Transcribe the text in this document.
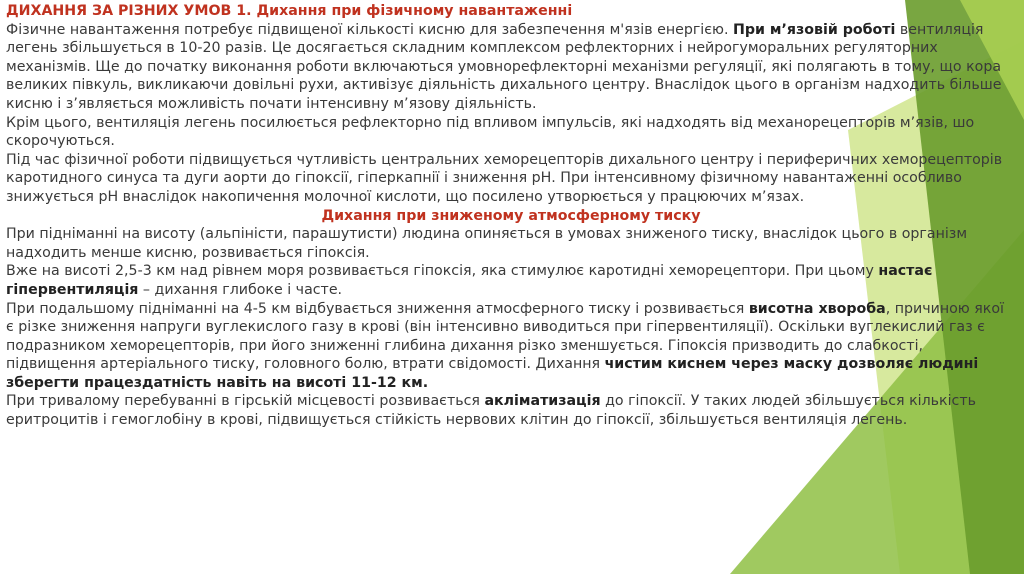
ДИХАННЯ ЗА РІЗНИХ УМОВ 1. Дихання при фізичному навантаженні

Фізичне навантаження потребує підвищеної кількості кисню для забезпечення м'язів енергією. При м’язовій роботі вентиляція легень збільшується в 10-20 разів. Це досягається складним комплексом рефлекторних і нейрогуморальних регуляторних механізмів. Ще до початку виконання роботи включаються умовнорефлекторні механізми регуляції, які полягають в тому, що кора великих півкуль, викликаючи довільні рухи, активізує діяльність дихального центру. Внаслідок цього в організм надходить більше кисню і з’являється можливість почати інтенсивну м’язову діяльність.

Крім цього, вентиляція легень посилюється рефлекторно під впливом імпульсів, які надходять від механорецепторів м’язів, шо скорочуються.

Під час фізичної роботи підвищується чутливість центральних хеморецепторів дихального центру і периферичних хеморецепторів каротидного синуса та дуги аорти до гіпоксії, гіперкапнії і зниження рН. При інтенсивному фізичному навантаженні особливо знижується рН внаслідок накопичення молочної кислоти, що посилено утворюється у працюючих м’язах.

Дихання при зниженому атмосферному тиску

При підніманні на висоту (альпіністи, парашутисти) людина опиняється в умовах зниженого тиску, внаслідок цього в організм надходить менше кисню, розвивається гіпоксія.

Вже на висоті 2,5-3 км над рівнем моря розвивається гіпоксія, яка стимулює каротидні хеморецептори. При цьому настає гіпервентиляція – дихання глибоке і часте.

При подальшому підніманні на 4-5 км відбувається зниження атмосферного тиску і розвивається висотна хвороба, причиною якої є різке зниження напруги вуглекислого газу в крові (він інтенсивно виводиться при гіпервентиляції). Оскільки вуглекислий газ є подразником хеморецепторів, при його зниженні глибина дихання різко зменшується. Гіпоксія призводить до слабкості, підвищення артеріального тиску, головного болю, втрати свідомості. Дихання чистим киснем через маску дозволяє людині зберегти працездатність навіть на висоті 11-12 км.

При тривалому перебуванні в гірській місцевості розвивається акліматизація до гіпоксії. У таких людей збільшується кількість еритроцитів і гемоглобіну в крові, підвищується стійкість нервових клітин до гіпоксії, збільшується вентиляція легень.
